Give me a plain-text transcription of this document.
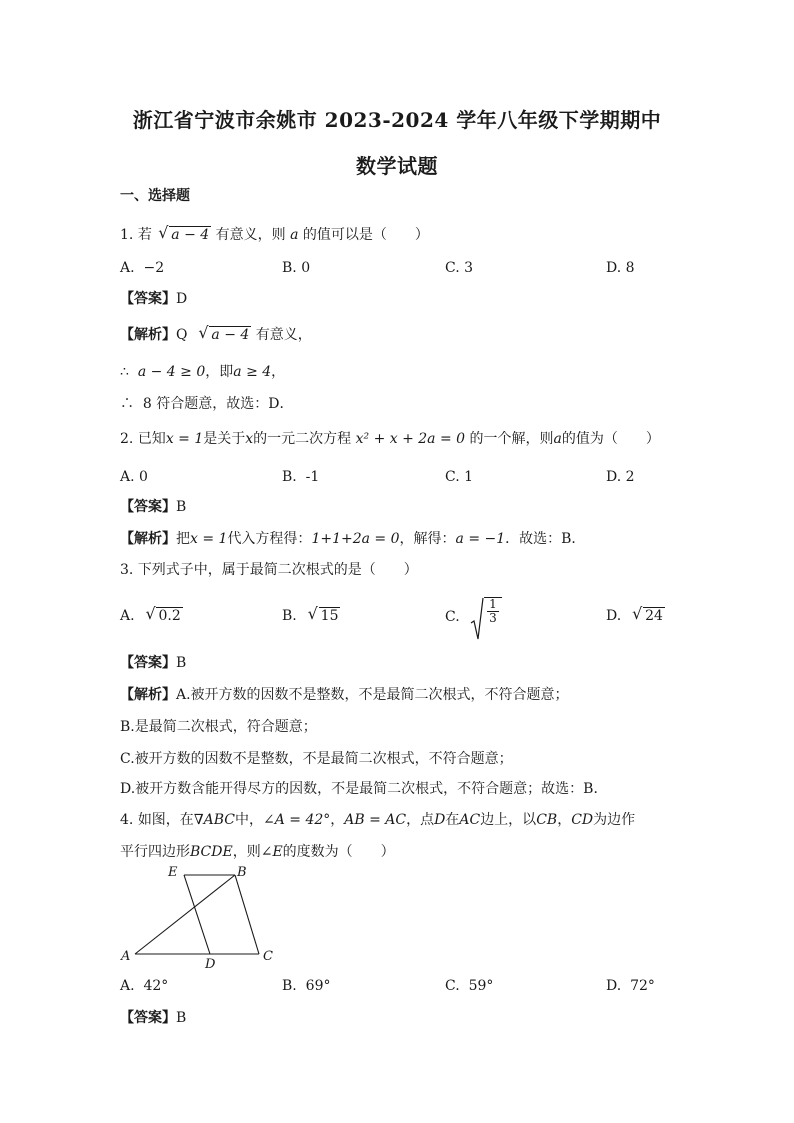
浙江省宁波市余姚市 2023-2024 学年八年级下学期期中
数学试题
一、选择题
1. 若 √ a − 4 有意义，则 a 的值可以是（　　）
A. −2	B. 0	C. 3	D. 8
【答案】D
【解析】Q √ a − 4 有意义，
∴ a − 4 ≥ 0，即a ≥ 4，
∴ 8 符合题意，故选：D．
2. 已知x = 1是关于x的一元二次方程 x² + x + 2a = 0 的一个解，则a的值为（　　）
A. 0	B. -1	C. 1	D. 2
【答案】B
【解析】把x = 1代入方程得：1+1+2a = 0，解得：a = −1．故选：B．
3. 下列式子中，属于最简二次根式的是（　　）
A. √ 0.2	B. √ 15	C. $\frac{1}{3}$	D. √ 24
【答案】B
【解析】A.被开方数的因数不是整数，不是最简二次根式，不符合题意；
B.是最简二次根式，符合题意；
C.被开方数的因数不是整数，不是最简二次根式，不符合题意；
D.被开方数含能开得尽方的因数，不是最简二次根式，不符合题意；故选：B．
4. 如图，在∇ABC中，∠A = 42°，AB = AC，点D在AC边上，以CB，CD为边作
平行四边形BCDE，则∠E的度数为（　　）
E	B
A
D
C
A. 42°	B. 69°	C. 59°	D. 72°
【答案】B
